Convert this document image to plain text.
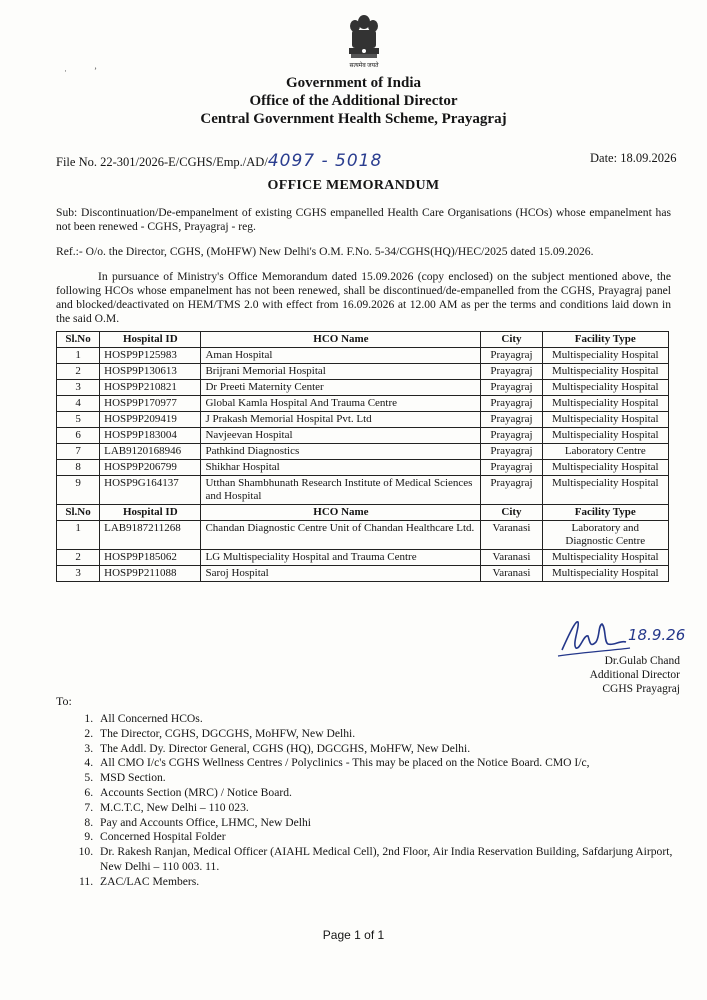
सत्यमेव जयते
·            ’
Government of India
Office of the Additional Director
Central Government Health Scheme, Prayagraj
File No. 22-301/2026-E/CGHS/Emp./AD/4097 - 5018	Date: 18.09.2026
OFFICE MEMORANDUM
Sub: Discontinuation/De-empanelment of existing CGHS empanelled Health Care Organisations (HCOs) whose empanelment has not been renewed - CGHS, Prayagraj - reg.
Ref.:- O/o. the Director, CGHS, (MoHFW) New Delhi's O.M. F.No. 5-34/CGHS(HQ)/HEC/2025 dated 15.09.2026.
In pursuance of Ministry's Office Memorandum dated 15.09.2026 (copy enclosed) on the subject mentioned above, the following HCOs whose empanelment has not been renewed, shall be discontinued/de-empanelled from the CGHS, Prayagraj panel and blocked/deactivated on HEM/TMS 2.0 with effect from 16.09.2026 at 12.00 AM as per the terms and conditions laid down in the said O.M.
Sl.No	Hospital ID	HCO Name	City	Facility Type
1	HOSP9P125983	Aman Hospital	Prayagraj	Multispeciality Hospital
2	HOSP9P130613	Brijrani Memorial Hospital	Prayagraj	Multispeciality Hospital
3	HOSP9P210821	Dr Preeti Maternity Center	Prayagraj	Multispeciality Hospital
4	HOSP9P170977	Global Kamla Hospital And Trauma Centre	Prayagraj	Multispeciality Hospital
5	HOSP9P209419	J Prakash Memorial Hospital Pvt. Ltd	Prayagraj	Multispeciality Hospital
6	HOSP9P183004	Navjeevan Hospital	Prayagraj	Multispeciality Hospital
7	LAB9120168946	Pathkind Diagnostics	Prayagraj	Laboratory Centre
8	HOSP9P206799	Shikhar Hospital	Prayagraj	Multispeciality Hospital
9	HOSP9G164137	Utthan Shambhunath Research Institute of Medical Sciences and Hospital	Prayagraj	Multispeciality Hospital
Sl.No	Hospital ID	HCO Name	City	Facility Type
1	LAB9187211268	Chandan Diagnostic Centre Unit of Chandan Healthcare Ltd.	Varanasi	Laboratory and Diagnostic Centre
2	HOSP9P185062	LG Multispeciality Hospital and Trauma Centre	Varanasi	Multispeciality Hospital
3	HOSP9P211088	Saroj Hospital	Varanasi	Multispeciality Hospital
18.9.26
Dr.Gulab Chand
Additional Director
CGHS Prayagraj
To:
1. All Concerned HCOs.
2. The Director, CGHS, DGCGHS, MoHFW, New Delhi.
3. The Addl. Dy. Director General, CGHS (HQ), DGCGHS, MoHFW, New Delhi.
4. All CMO I/c's CGHS Wellness Centres / Polyclinics - This may be placed on the Notice Board. CMO I/c,
5. MSD Section.
6. Accounts Section (MRC) / Notice Board.
7. M.C.T.C, New Delhi – 110 023.
8. Pay and Accounts Office, LHMC, New Delhi
9. Concerned Hospital Folder
10. Dr. Rakesh Ranjan, Medical Officer (AIAHL Medical Cell), 2nd Floor, Air India Reservation Building, Safdarjung Airport, New Delhi – 110 003. 11.
11. ZAC/LAC Members.
Page 1 of 1
